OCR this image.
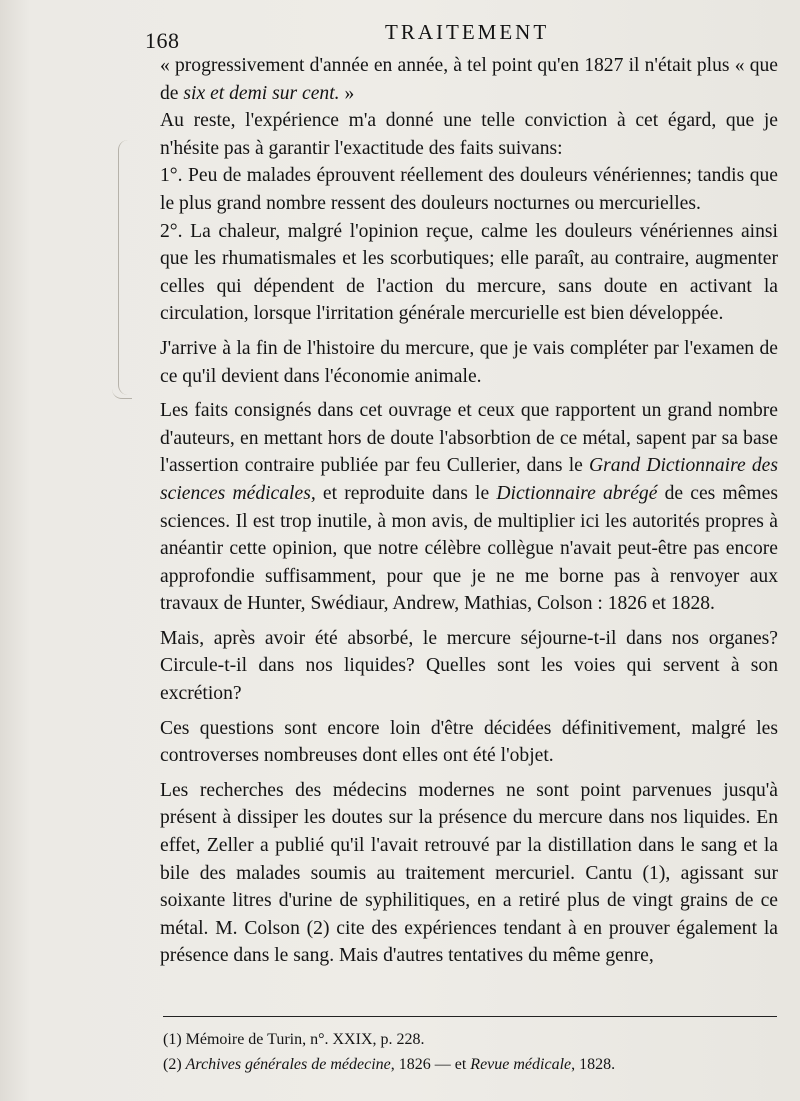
168	TRAITEMENT

« progressivement d'année en année, à tel point qu'en 1827 il n'était plus « que de six et demi sur cent. »

Au reste, l'expérience m'a donné une telle conviction à cet égard, que je n'hésite pas à garantir l'exactitude des faits suivans:

1°. Peu de malades éprouvent réellement des douleurs vénériennes; tandis que le plus grand nombre ressent des douleurs nocturnes ou mercurielles.

2°. La chaleur, malgré l'opinion reçue, calme les douleurs vénériennes ainsi que les rhumatismales et les scorbutiques; elle paraît, au contraire, augmenter celles qui dépendent de l'action du mercure, sans doute en activant la circulation, lorsque l'irritation générale mercurielle est bien développée.

J'arrive à la fin de l'histoire du mercure, que je vais compléter par l'examen de ce qu'il devient dans l'économie animale.

Les faits consignés dans cet ouvrage et ceux que rapportent un grand nombre d'auteurs, en mettant hors de doute l'absorbtion de ce métal, sapent par sa base l'assertion contraire publiée par feu Cullerier, dans le Grand Dictionnaire des sciences médicales, et reproduite dans le Dictionnaire abrégé de ces mêmes sciences. Il est trop inutile, à mon avis, de multiplier ici les autorités propres à anéantir cette opinion, que notre célèbre collègue n'avait peut-être pas encore approfondie suffisamment, pour que je ne me borne pas à renvoyer aux travaux de Hunter, Swédiaur, Andrew, Mathias, Colson : 1826 et 1828.

Mais, après avoir été absorbé, le mercure séjourne-t-il dans nos organes? Circule-t-il dans nos liquides? Quelles sont les voies qui servent à son excrétion?

Ces questions sont encore loin d'être décidées définitivement, malgré les controverses nombreuses dont elles ont été l'objet.

Les recherches des médecins modernes ne sont point parvenues jusqu'à présent à dissiper les doutes sur la présence du mercure dans nos liquides. En effet, Zeller a publié qu'il l'avait retrouvé par la distillation dans le sang et la bile des malades soumis au traitement mercuriel. Cantu (1), agissant sur soixante litres d'urine de syphilitiques, en a retiré plus de vingt grains de ce métal. M. Colson (2) cite des expériences tendant à en prouver également la présence dans le sang. Mais d'autres tentatives du même genre,

(1) Mémoire de Turin, n°. XXIX, p. 228.
(2) Archives générales de médecine, 1826 — et Revue médicale, 1828.
